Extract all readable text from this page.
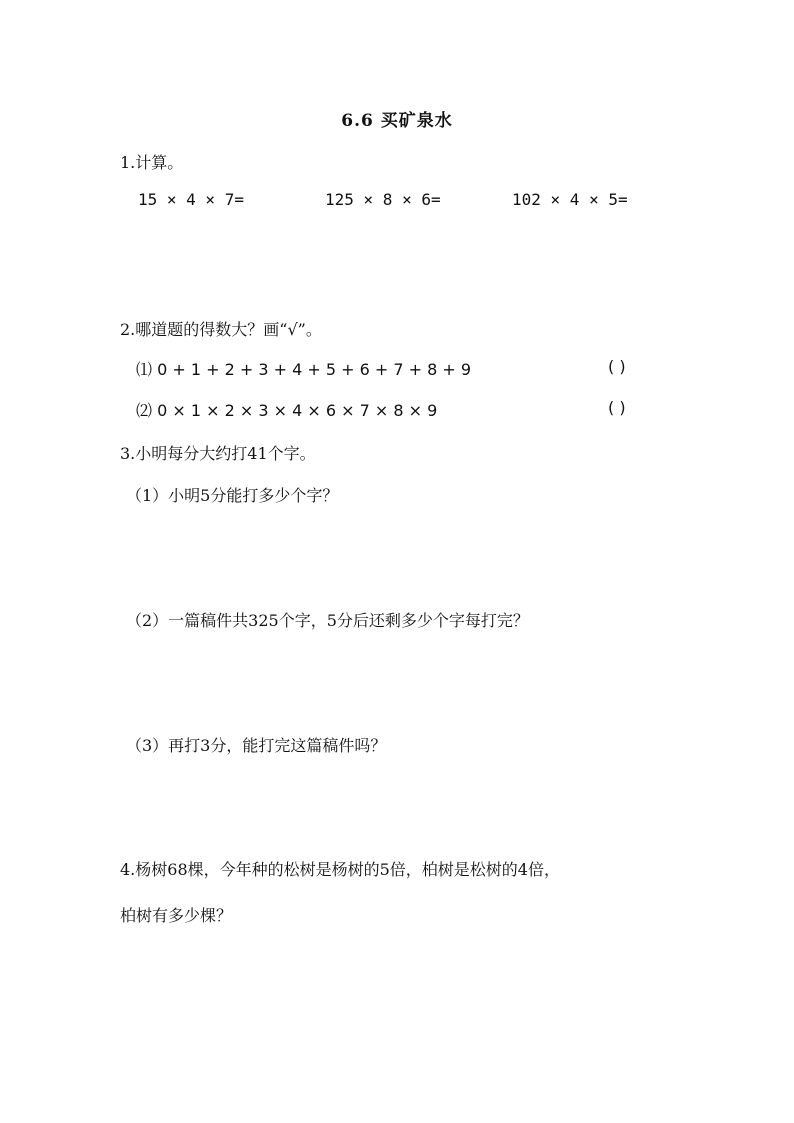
6.6 买矿泉水
1.计算。
15 × 4 × 7=	125 × 8 × 6=	102 × 4 × 5=
2.哪道题的得数大？画“√”。
⑴ 0 + 1 + 2 + 3 + 4 + 5 + 6 + 7 + 8 + 9	( )
⑵ 0 × 1 × 2 × 3 × 4 × 6 × 7 × 8 × 9	( )
3.小明每分大约打41个字。
（1）小明5分能打多少个字？
（2）一篇稿件共325个字，5分后还剩多少个字每打完？
（3）再打3分，能打完这篇稿件吗？
4.杨树68棵，今年种的松树是杨树的5倍，柏树是松树的4倍，
柏树有多少棵？
